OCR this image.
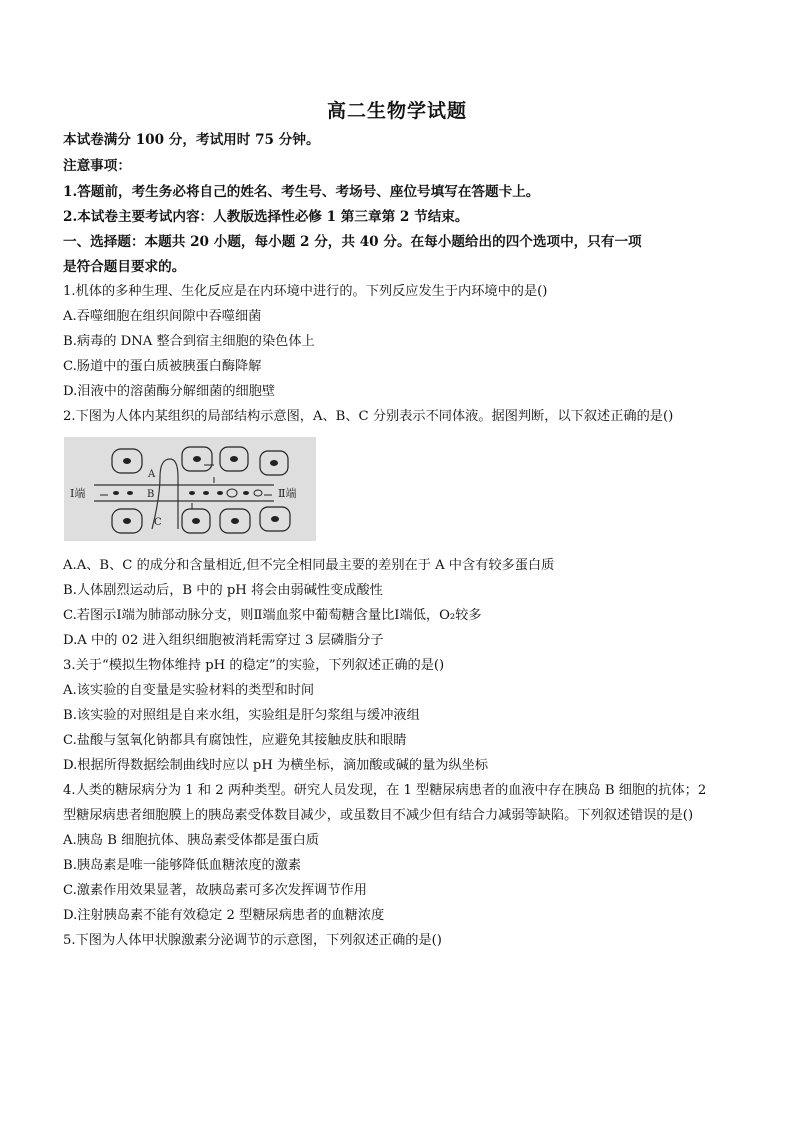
高二生物学试题
本试卷满分 100 分，考试用时 75 分钟。
注意事项：
1.答题前，考生务必将自己的姓名、考生号、考场号、座位号填写在答题卡上。
2.本试卷主要考试内容：人教版选择性必修 1 第三章第 2 节结束。
一、选择题：本题共 20 小题，每小题 2 分，共 40 分。在每小题给出的四个选项中，只有一项
是符合题目要求的。
1.机体的多种生理、生化反应是在内环境中进行的。下列反应发生于内环境中的是()
A.吞噬细胞在组织间隙中吞噬细菌
B.病毒的 DNA 整合到宿主细胞的染色体上
C.肠道中的蛋白质被胰蛋白酶降解
D.泪液中的溶菌酶分解细菌的细胞壁
2.下图为人体内某组织的局部结构示意图，A、B、C 分别表示不同体液。据图判断，以下叙述正确的是()
A
B
C
Ⅰ端	Ⅱ端
A.A、B、C 的成分和含量相近,但不完全相同最主要的差别在于 A 中含有较多蛋白质
B.人体剧烈运动后，B 中的 pH 将会由弱碱性变成酸性
C.若图示Ⅰ端为肺部动脉分支，则Ⅱ端血浆中葡萄糖含量比Ⅰ端低，O₂较多
D.A 中的 02 进入组织细胞被消耗需穿过 3 层磷脂分子
3.关于“模拟生物体维持 pH 的稳定”的实验，下列叙述正确的是()
A.该实验的自变量是实验材料的类型和时间
B.该实验的对照组是自来水组，实验组是肝匀浆组与缓冲液组
C.盐酸与氢氧化钠都具有腐蚀性，应避免其接触皮肤和眼睛
D.根据所得数据绘制曲线时应以 pH 为横坐标，滴加酸或碱的量为纵坐标
4.人类的糖尿病分为 1 和 2 两种类型。研究人员发现，在 1 型糖尿病患者的血液中存在胰岛 B 细胞的抗体；2
型糖尿病患者细胞膜上的胰岛素受体数目减少，或虽数目不减少但有结合力减弱等缺陷。下列叙述错误的是()
A.胰岛 B 细胞抗体、胰岛素受体都是蛋白质
B.胰岛素是唯一能够降低血糖浓度的激素
C.激素作用效果显著，故胰岛素可多次发挥调节作用
D.注射胰岛素不能有效稳定 2 型糖尿病患者的血糖浓度
5.下图为人体甲状腺激素分泌调节的示意图，下列叙述正确的是()
